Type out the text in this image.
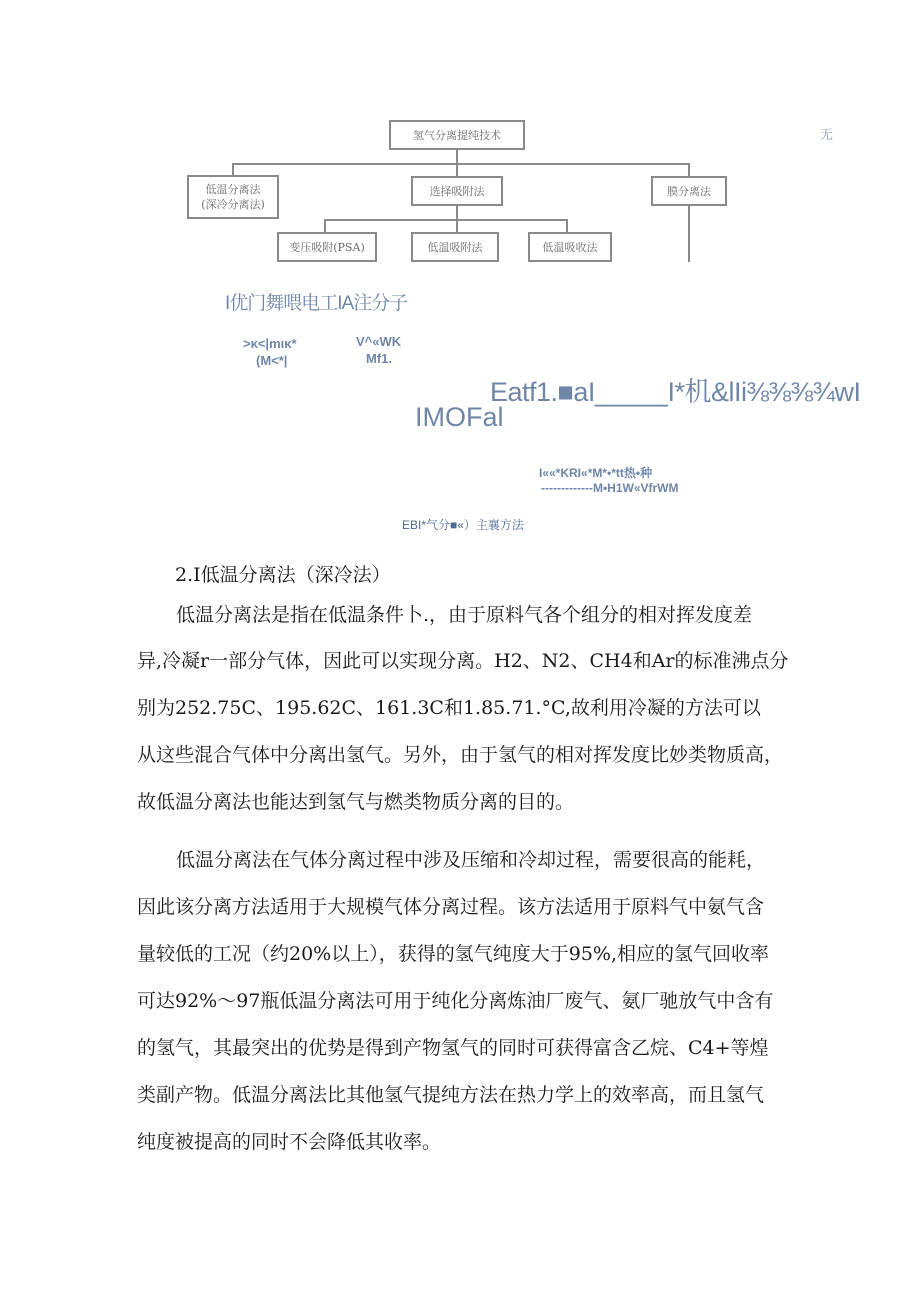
氢气分离提纯技术
低温分离法
(深冷分离法)
选择吸附法	膜分离法
变压吸附(PSA)	低温吸附法	低温吸收法
无
I优门舞喂电工IA注分子
>κ<|mικ*
(M<*|
V^«WK
Mf1.
Eatf1.■aI_____I*机&lIi⅜⅜⅜¾wI
IMOFal
I««*KRI«*M*•*tt热•种
-------------M•H1W«VfrWM
EBI*气分■«）主襄方法
2.I低温分离法（深冷法）
低温分离法是指在低温条件卜.，由于原料气各个组分的相对挥发度差
异,冷凝r一部分气体，因此可以实现分离。H2、N2、CH4和Ar的标准沸点分
别为252.75C、195.62C、161.3C和1.85.71.°C,故利用冷凝的方法可以
从这些混合气体中分离出氢气。另外，由于氢气的相对挥发度比妙类物质高，
故低温分离法也能达到氢气与燃类物质分离的目的。
低温分离法在气体分离过程中涉及压缩和冷却过程，需要很高的能耗，
因此该分离方法适用于大规模气体分离过程。该方法适用于原料气中氨气含
量较低的工况（约20%以上），获得的氢气纯度大于95%,相应的氢气回收率
可达92%～97瓶低温分离法可用于纯化分离炼油厂废气、氨厂驰放气中含有
的氢气，其最突出的优势是得到产物氢气的同时可获得富含乙烷、C4+等煌
类副产物。低温分离法比其他氢气提纯方法在热力学上的效率高，而且氢气
纯度被提高的同时不会降低其收率。
